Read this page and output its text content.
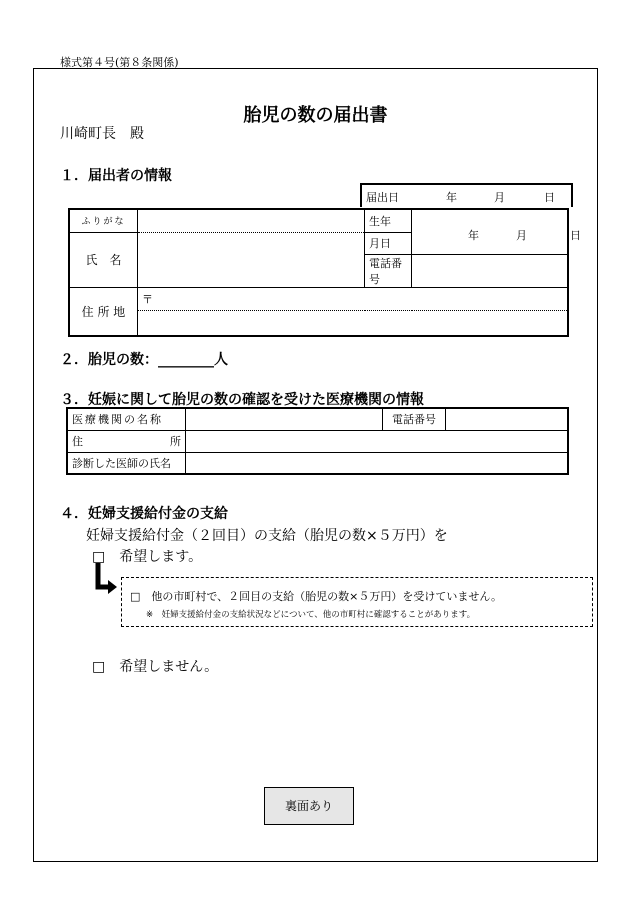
様式第４号(第８条関係)
胎児の数の届出書
川崎町長　殿
１．届出者の情報
届出日	年	月	日
ふりがな		生年	年 月 日

氏　名		月日	
		電話番号	
住 所 地	〒		

２．胎児の数：________人
３．妊娠に関して胎児の数の確認を受けた医療機関の情報
医療機関の名称		電話番号	

住 所			

診断した医師の氏名			
４．妊婦支援給付金の支給
妊婦支援給付金（２回目）の支給（胎児の数×５万円）を
□　希望します。
□　他の市町村で、２回目の支給（胎児の数×５万円）を受けていません。
※　妊婦支援給付金の支給状況などについて、他の市町村に確認することがあります。
□　希望しません。
裏面あり
